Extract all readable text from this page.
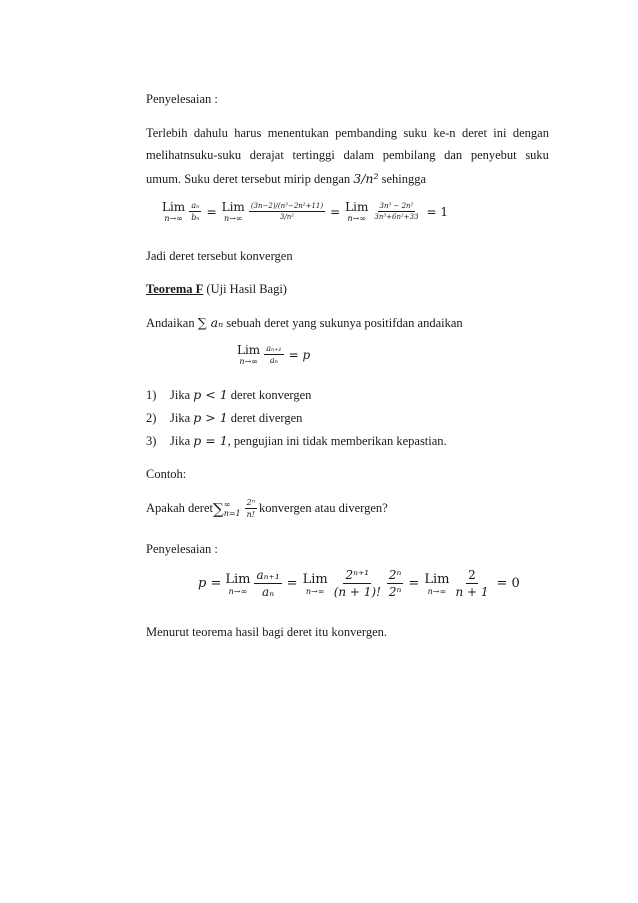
Penyelesaian :
Terlebih dahulu harus menentukan pembanding suku ke-n deret ini dengan
melihatnsuku-suku derajat tertinggi dalam pembilang dan penyebut suku
umum. Suku deret tersebut mirip dengan 3/n² sehingga
Lim
$n\to\infty \frac{\text{aₙ}}{\text{bₙ}}$ = Lim
$n\to\infty \frac{\text{(3n−2)/(n³−2n²+11)}}{\text{3/n²}}$ = Lim
$n\to\infty \frac{\text{3n³ − 2n²}}{\text{3n³+6n²+33}} = 1$
Jadi deret tersebut konvergen
Teorema F (Uji Hasil Bagi)
Andaikan ∑ aₙ sebuah deret yang sukunya positifdan andaikan
Lim
$n\to\infty \frac{\text{aₙ₊₁}}{\text{aₙ}} = p$
1) Jika p < 1 deret konvergen
2) Jika p > 1 deret divergen
3) Jika p = 1, pengujian ini tidak memberikan kepastian.
Contoh:
Apakah deret ∑ ∞
$n=1 \frac{\text{2ⁿ}}{n!}$ konvergen atau divergen?
Penyelesaian :
p = Lim
$n\to\infty \frac{\text{aₙ₊₁}}{\text{aₙ}}$ = Lim
$n\to\infty \frac{\text{2ⁿ⁺¹}}{(n + 1)!} \frac{\text{2ⁿ}}{\text{2ⁿ}}$ = Lim
$n\to\infty \frac{2}{n + 1} = 0$
Menurut teorema hasil bagi deret itu konvergen.
